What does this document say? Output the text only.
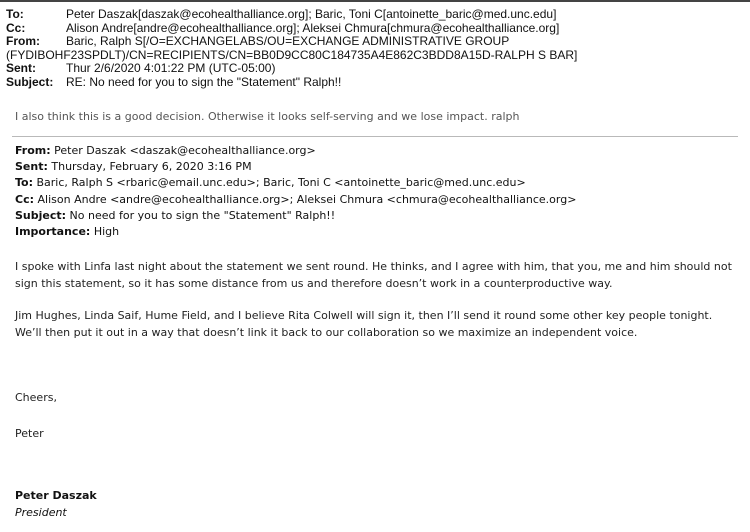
To:	Peter Daszak[daszak@ecohealthalliance.org]; Baric, Toni C[antoinette_baric@med.unc.edu]
Cc:	Alison Andre[andre@ecohealthalliance.org]; Aleksei Chmura[chmura@ecohealthalliance.org]
From:	Baric, Ralph S[/O=EXCHANGELABS/OU=EXCHANGE ADMINISTRATIVE GROUP
(FYDIBOHF23SPDLT)/CN=RECIPIENTS/CN=BB0D9CC80C184735A4E862C3BDD8A15D-RALPH S BAR]
Sent:	Thur 2/6/2020 4:01:22 PM (UTC-05:00)
Subject:	RE: No need for you to sign the "Statement" Ralph!!
I also think this is a good decision. Otherwise it looks self-serving and we lose impact. ralph
From: Peter Daszak <daszak@ecohealthalliance.org>
Sent: Thursday, February 6, 2020 3:16 PM
To: Baric, Ralph S <rbaric@email.unc.edu>; Baric, Toni C <antoinette_baric@med.unc.edu>
Cc: Alison Andre <andre@ecohealthalliance.org>; Aleksei Chmura <chmura@ecohealthalliance.org>
Subject: No need for you to sign the "Statement" Ralph!!
Importance: High
I spoke with Linfa last night about the statement we sent round. He thinks, and I agree with him, that you, me and him should not
sign this statement, so it has some distance from us and therefore doesn’t work in a counterproductive way.
Jim Hughes, Linda Saif, Hume Field, and I believe Rita Colwell will sign it, then I’ll send it round some other key people tonight.
We’ll then put it out in a way that doesn’t link it back to our collaboration so we maximize an independent voice.
Cheers,
Peter
Peter Daszak
President
